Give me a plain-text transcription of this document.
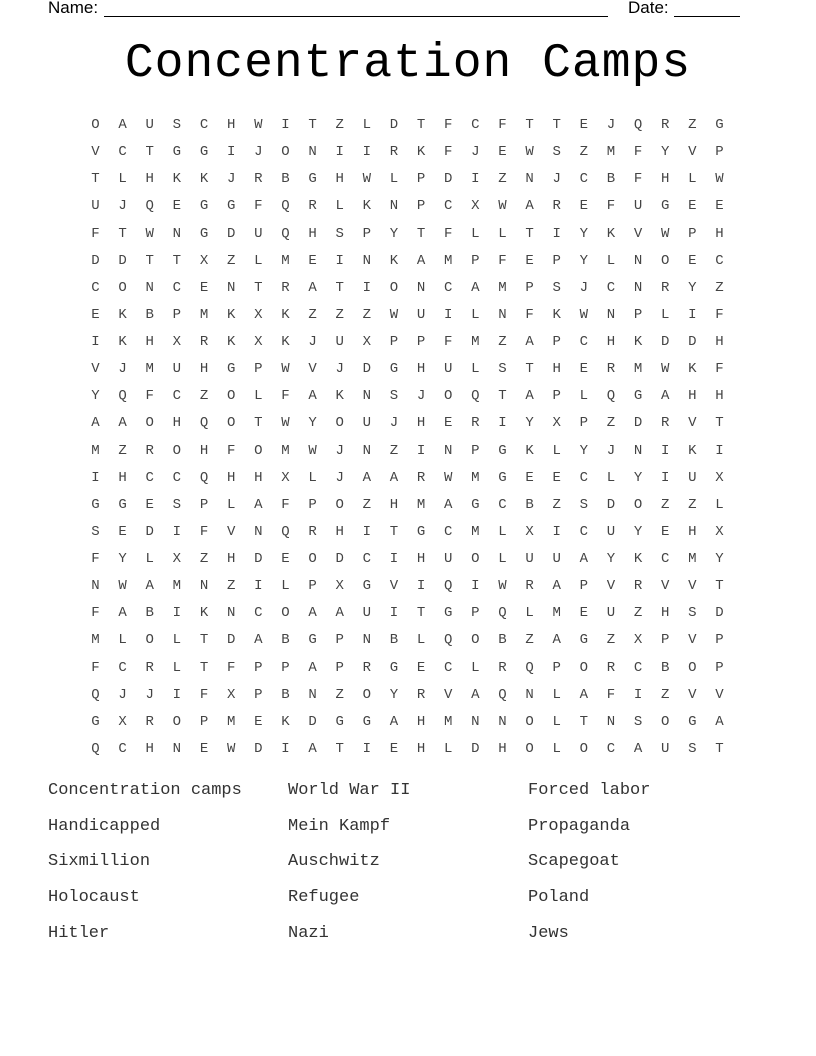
Name:	Date:
Concentration Camps
O	A	U	S	C	H	W	I	T	Z	L	D	T	F	C	F	T	T	E	J	Q	R	Z	G
V	C	T	G	G	I	J	O	N	I	I	R	K	F	J	E	W	S	Z	M	F	Y	V	P
T	L	H	K	K	J	R	B	G	H	W	L	P	D	I	Z	N	J	C	B	F	H	L	W
U	J	Q	E	G	G	F	Q	R	L	K	N	P	C	X	W	A	R	E	F	U	G	E	E
F	T	W	N	G	D	U	Q	H	S	P	Y	T	F	L	L	T	I	Y	K	V	W	P	H
D	D	T	T	X	Z	L	M	E	I	N	K	A	M	P	F	E	P	Y	L	N	O	E	C
C	O	N	C	E	N	T	R	A	T	I	O	N	C	A	M	P	S	J	C	N	R	Y	Z
E	K	B	P	M	K	X	K	Z	Z	Z	W	U	I	L	N	F	K	W	N	P	L	I	F
I	K	H	X	R	K	X	K	J	U	X	P	P	F	M	Z	A	P	C	H	K	D	D	H
V	J	M	U	H	G	P	W	V	J	D	G	H	U	L	S	T	H	E	R	M	W	K	F
Y	Q	F	C	Z	O	L	F	A	K	N	S	J	O	Q	T	A	P	L	Q	G	A	H	H
A	A	O	H	Q	O	T	W	Y	O	U	J	H	E	R	I	Y	X	P	Z	D	R	V	T
M	Z	R	O	H	F	O	M	W	J	N	Z	I	N	P	G	K	L	Y	J	N	I	K	I
I	H	C	C	Q	H	H	X	L	J	A	A	R	W	M	G	E	E	C	L	Y	I	U	X
G	G	E	S	P	L	A	F	P	O	Z	H	M	A	G	C	B	Z	S	D	O	Z	Z	L
S	E	D	I	F	V	N	Q	R	H	I	T	G	C	M	L	X	I	C	U	Y	E	H	X
F	Y	L	X	Z	H	D	E	O	D	C	I	H	U	O	L	U	U	A	Y	K	C	M	Y
N	W	A	M	N	Z	I	L	P	X	G	V	I	Q	I	W	R	A	P	V	R	V	V	T
F	A	B	I	K	N	C	O	A	A	U	I	T	G	P	Q	L	M	E	U	Z	H	S	D
M	L	O	L	T	D	A	B	G	P	N	B	L	Q	O	B	Z	A	G	Z	X	P	V	P
F	C	R	L	T	F	P	P	A	P	R	G	E	C	L	R	Q	P	O	R	C	B	O	P
Q	J	J	I	F	X	P	B	N	Z	O	Y	R	V	A	Q	N	L	A	F	I	Z	V	V
G	X	R	O	P	M	E	K	D	G	G	A	H	M	N	N	O	L	T	N	S	O	G	A
Q	C	H	N	E	W	D	I	A	T	I	E	H	L	D	H	O	L	O	C	A	U	S	T
Concentration camps	World War II	Forced labor
Handicapped	Mein Kampf	Propaganda
Sixmillion	Auschwitz	Scapegoat
Holocaust	Refugee	Poland
Hitler	Nazi	Jews
